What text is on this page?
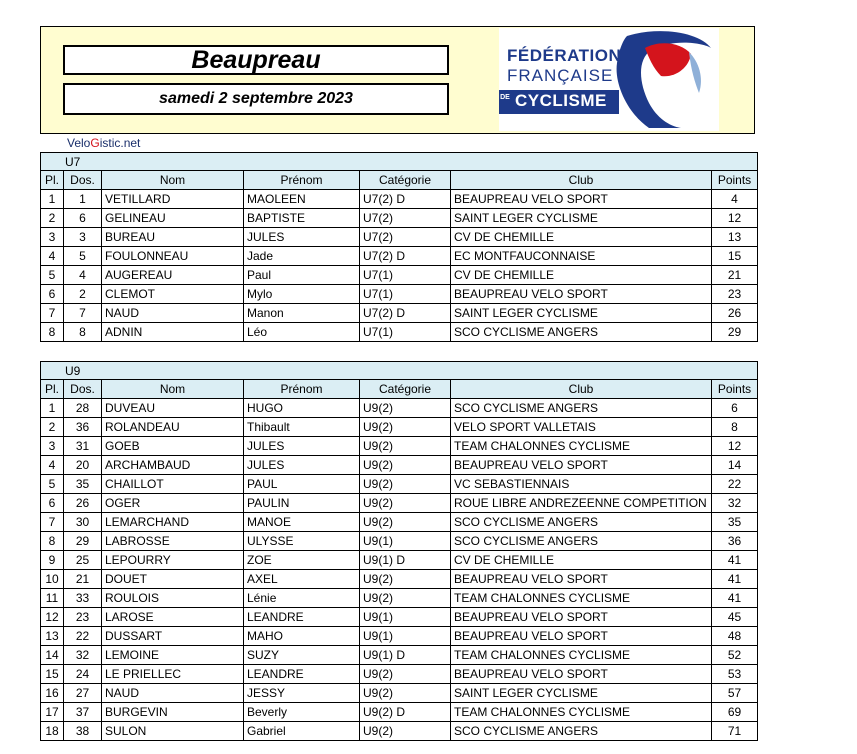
Beaupreau
samedi 2 septembre 2023	DE
FÉDÉRATION
FRANÇAISE
CYCLISME
VeloGistic.net
U7						
Pl.	Dos.	Nom	Prénom	Catégorie	Club	Points
1	1	VETILLARD	MAOLEEN	U7(2) D	BEAUPREAU VELO SPORT	4
2	6	GELINEAU	BAPTISTE	U7(2)	SAINT LEGER CYCLISME	12
3	3	BUREAU	JULES	U7(2)	CV DE CHEMILLE	13
4	5	FOULONNEAU	Jade	U7(2) D	EC MONTFAUCONNAISE	15
5	4	AUGEREAU	Paul	U7(1)	CV DE CHEMILLE	21
6	2	CLEMOT	Mylo	U7(1)	BEAUPREAU VELO SPORT	23
7	7	NAUD	Manon	U7(2) D	SAINT LEGER CYCLISME	26
8	8	ADNIN	Léo	U7(1)	SCO CYCLISME ANGERS	29
U9						
Pl.	Dos.	Nom	Prénom	Catégorie	Club	Points
1	28	DUVEAU	HUGO	U9(2)	SCO CYCLISME ANGERS	6
2	36	ROLANDEAU	Thibault	U9(2)	VELO SPORT VALLETAIS	8
3	31	GOEB	JULES	U9(2)	TEAM CHALONNES CYCLISME	12
4	20	ARCHAMBAUD	JULES	U9(2)	BEAUPREAU VELO SPORT	14
5	35	CHAILLOT	PAUL	U9(2)	VC SEBASTIENNAIS	22
6	26	OGER	PAULIN	U9(2)	ROUE LIBRE ANDREZEENNE COMPETITION	32
7	30	LEMARCHAND	MANOE	U9(2)	SCO CYCLISME ANGERS	35
8	29	LABROSSE	ULYSSE	U9(1)	SCO CYCLISME ANGERS	36
9	25	LEPOURRY	ZOE	U9(1) D	CV DE CHEMILLE	41
10	21	DOUET	AXEL	U9(2)	BEAUPREAU VELO SPORT	41
11	33	ROULOIS	Lénie	U9(2)	TEAM CHALONNES CYCLISME	41
12	23	LAROSE	LEANDRE	U9(1)	BEAUPREAU VELO SPORT	45
13	22	DUSSART	MAHO	U9(1)	BEAUPREAU VELO SPORT	48
14	32	LEMOINE	SUZY	U9(1) D	TEAM CHALONNES CYCLISME	52
15	24	LE PRIELLEC	LEANDRE	U9(2)	BEAUPREAU VELO SPORT	53
16	27	NAUD	JESSY	U9(2)	SAINT LEGER CYCLISME	57
17	37	BURGEVIN	Beverly	U9(2) D	TEAM CHALONNES CYCLISME	69
18	38	SULON	Gabriel	U9(2)	SCO CYCLISME ANGERS	71
